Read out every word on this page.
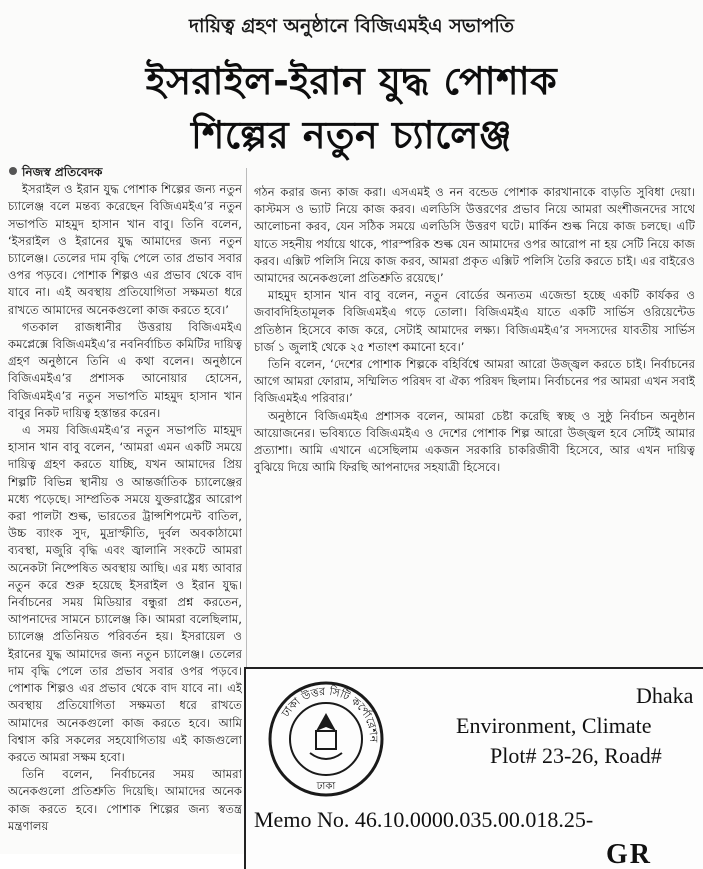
দায়িত্ব গ্রহণ অনুষ্ঠানে বিজিএমইএ সভাপতি
ইসরাইল-ইরান যুদ্ধ পোশাক
শিল্পের নতুন চ্যালেঞ্জ

নিজস্ব প্রতিবেদক

ইসরাইল ও ইরান যুদ্ধ পোশাক শিল্পের জন্য নতুন চ্যালেঞ্জ বলে মন্তব্য করেছেন বিজিএমইএ’র নতুন সভাপতি মাহমুদ হাসান খান বাবু। তিনি বলেন, ‘ইসরাইল ও ইরানের যুদ্ধ আমাদের জন্য নতুন চ্যালেঞ্জ। তেলের দাম বৃদ্ধি পেলে তার প্রভাব সবার ওপর পড়বে। পোশাক শিল্পও এর প্রভাব থেকে বাদ যাবে না। এই অবস্থায় প্রতিযোগিতা সক্ষমতা ধরে রাখতে আমাদের অনেকগুলো কাজ করতে হবে।’

গতকাল রাজধানীর উত্তরায় বিজিএমইএ কমপ্লেক্সে বিজিএমইএ’র নবনির্বাচিত কমিটির দায়িত্ব গ্রহণ অনুষ্ঠানে তিনি এ কথা বলেন। অনুষ্ঠানে বিজিএমইএ’র প্রশাসক আনোয়ার হোসেন, বিজিএমইএ’র নতুন সভাপতি মাহমুদ হাসান খান বাবুর নিকট দায়িত্ব হস্তান্তর করেন।

এ সময় বিজিএমইএ’র নতুন সভাপতি মাহমুদ হাসান খান বাবু বলেন, ‘আমরা এমন একটি সময়ে দায়িত্ব গ্রহণ করতে যাচ্ছি, যখন আমাদের প্রিয় শিল্পটি বিভিন্ন স্থানীয় ও আন্তর্জাতিক চ্যালেঞ্জের মধ্যে পড়েছে। সাম্প্রতিক সময়ে যুক্তরাষ্ট্রের আরোপ করা পালটা শুল্ক, ভারতের ট্রান্সশিপমেন্ট বাতিল, উচ্চ ব্যাংক সুদ, মুদ্রাস্ফীতি, দুর্বল অবকাঠামো ব্যবস্থা, মজুরি বৃদ্ধি এবং জ্বালানি সংকটে আমরা অনেকটা নিষ্পেষিত অবস্থায় আছি। এর মধ্য আবার নতুন করে শুরু হয়েছে ইসরাইল ও ইরান যুদ্ধ। নির্বাচনের সময় মিডিয়ার বন্ধুরা প্রশ্ন করতেন, আপনাদের সামনে চ্যালেঞ্জ কি। আমরা বলেছিলাম, চ্যালেঞ্জ প্রতিনিয়ত পরিবর্তন হয়। ইসরায়েল ও ইরানের যুদ্ধ আমাদের জন্য নতুন চ্যালেঞ্জ। তেলের দাম বৃদ্ধি পেলে তার প্রভাব সবার ওপর পড়বে। পোশাক শিল্পও এর প্রভাব থেকে বাদ যাবে না। এই অবস্থায় প্রতিযোগিতা সক্ষমতা ধরে রাখতে আমাদের অনেকগুলো কাজ করতে হবে। আমি বিশ্বাস করি সকলের সহযোগিতায় এই কাজগুলো করতে আমরা সক্ষম হবো।

তিনি বলেন, নির্বাচনের সময় আমরা অনেকগুলো প্রতিশ্রুতি দিয়েছি। আমাদের অনেক কাজ করতে হবে। পোশাক শিল্পের জন্য স্বতন্ত্র মন্ত্রণালয়

গঠন করার জন্য কাজ করা। এসএমই ও নন বন্ডেড পোশাক কারখানাকে বাড়তি সুবিধা দেয়া। কাস্টমস ও ভ্যাট নিয়ে কাজ করব। এলডিসি উত্তরণের প্রভাব নিয়ে আমরা অংশীজনদের সাথে আলোচনা করব, যেন সঠিক সময়ে এলডিসি উত্তরণ ঘটে। মার্কিন শুল্ক নিয়ে কাজ চলছে। এটি যাতে সহনীয় পর্যায়ে থাকে, পারস্পরিক শুল্ক যেন আমাদের ওপর আরোপ না হয় সেটি নিয়ে কাজ করব। এক্সিট পলিসি নিয়ে কাজ করব, আমরা প্রকৃত এক্সিট পলিসি তৈরি করতে চাই। এর বাইরেও আমাদের অনেকগুলো প্রতিশ্রুতি রয়েছে।’

মাহমুদ হাসান খান বাবু বলেন, নতুন বোর্ডের অন্যতম এজেন্ডা হচ্ছে একটি কার্যকর ও জবাবদিহিতামূলক বিজিএমইএ গড়ে তোলা। বিজিএমইএ যাতে একটি সার্ভিস ওরিয়েন্টেড প্রতিষ্ঠান হিসেবে কাজ করে, সেটাই আমাদের লক্ষ্য। বিজিএমইএ’র সদস্যদের যাবতীয় সার্ভিস চার্জ ১ জুলাই থেকে ২৫ শতাংশ কমানো হবে।’

তিনি বলেন, ‘দেশের পোশাক শিল্পকে বহির্বিশ্বে আমরা আরো উজ্জ্বল করতে চাই। নির্বাচনের আগে আমরা ফোরাম, সম্মিলিত পরিষদ বা ঐক্য পরিষদ ছিলাম। নির্বাচনের পর আমরা এখন সবাই বিজিএমইএ পরিবার।’

অনুষ্ঠানে বিজিএমইএ প্রশাসক বলেন, আমরা চেষ্টা করেছি স্বচ্ছ ও সুষ্ঠু নির্বাচন অনুষ্ঠান আয়োজনের। ভবিষ্যতে বিজিএমইএ ও দেশের পোশাক শিল্প আরো উজ্জ্বল হবে সেটিই আমার প্রত্যাশা। আমি এখানে এসেছিলাম একজন সরকারি চাকরিজীবী হিসেবে, আর এখন দায়িত্ব বুঝিয়ে দিয়ে আমি ফিরছি আপনাদের সহযাত্রী হিসেবে।

ঢাকা উত্তর সিটি কর্পোরেশন
ঢাকা
Dhaka
Environment, Climate
Plot# 23-26, Road#
Memo No. 46.10.0000.035.00.018.25-
GR
